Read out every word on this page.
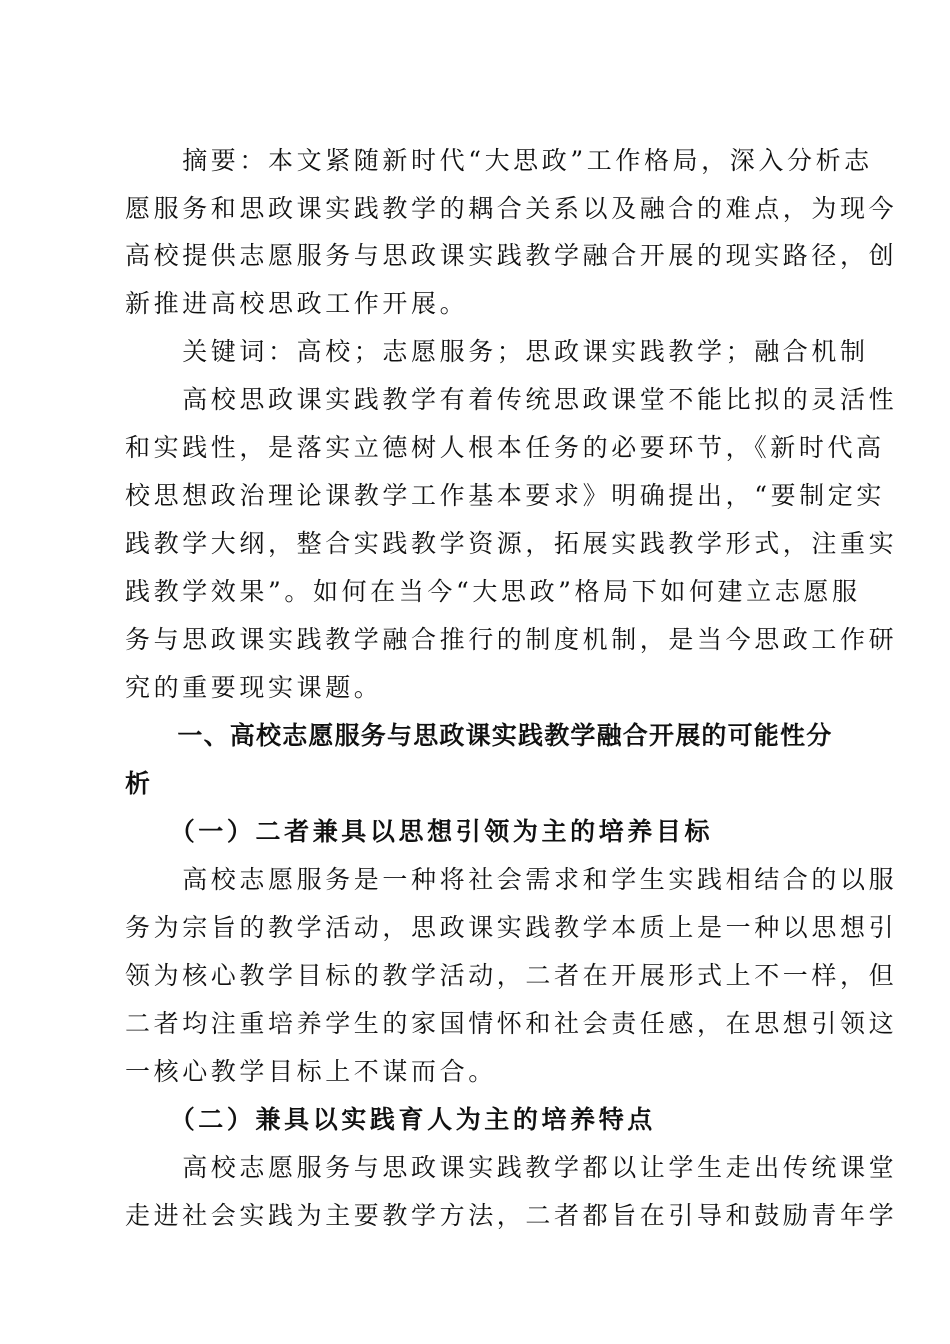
　　摘要：本文紧随新时代“大思政”工作格局，深入分析志
愿服务和思政课实践教学的耦合关系以及融合的难点，为现今
高校提供志愿服务与思政课实践教学融合开展的现实路径，创
新推进高校思政工作开展。
　　关键词：高校；志愿服务；思政课实践教学；融合机制
　　高校思政课实践教学有着传统思政课堂不能比拟的灵活性
和实践性，是落实立德树人根本任务的必要环节，《新时代高
校思想政治理论课教学工作基本要求》明确提出，“要制定实
践教学大纲，整合实践教学资源，拓展实践教学形式，注重实
践教学效果”。如何在当今“大思政”格局下如何建立志愿服
务与思政课实践教学融合推行的制度机制，是当今思政工作研
究的重要现实课题。
　　一、高校志愿服务与思政课实践教学融合开展的可能性分
析
　　（一）二者兼具以思想引领为主的培养目标
　　高校志愿服务是一种将社会需求和学生实践相结合的以服
务为宗旨的教学活动，思政课实践教学本质上是一种以思想引
领为核心教学目标的教学活动，二者在开展形式上不一样，但
二者均注重培养学生的家国情怀和社会责任感，在思想引领这
一核心教学目标上不谋而合。
　　（二）兼具以实践育人为主的培养特点
　　高校志愿服务与思政课实践教学都以让学生走出传统课堂
走进社会实践为主要教学方法，二者都旨在引导和鼓励青年学
